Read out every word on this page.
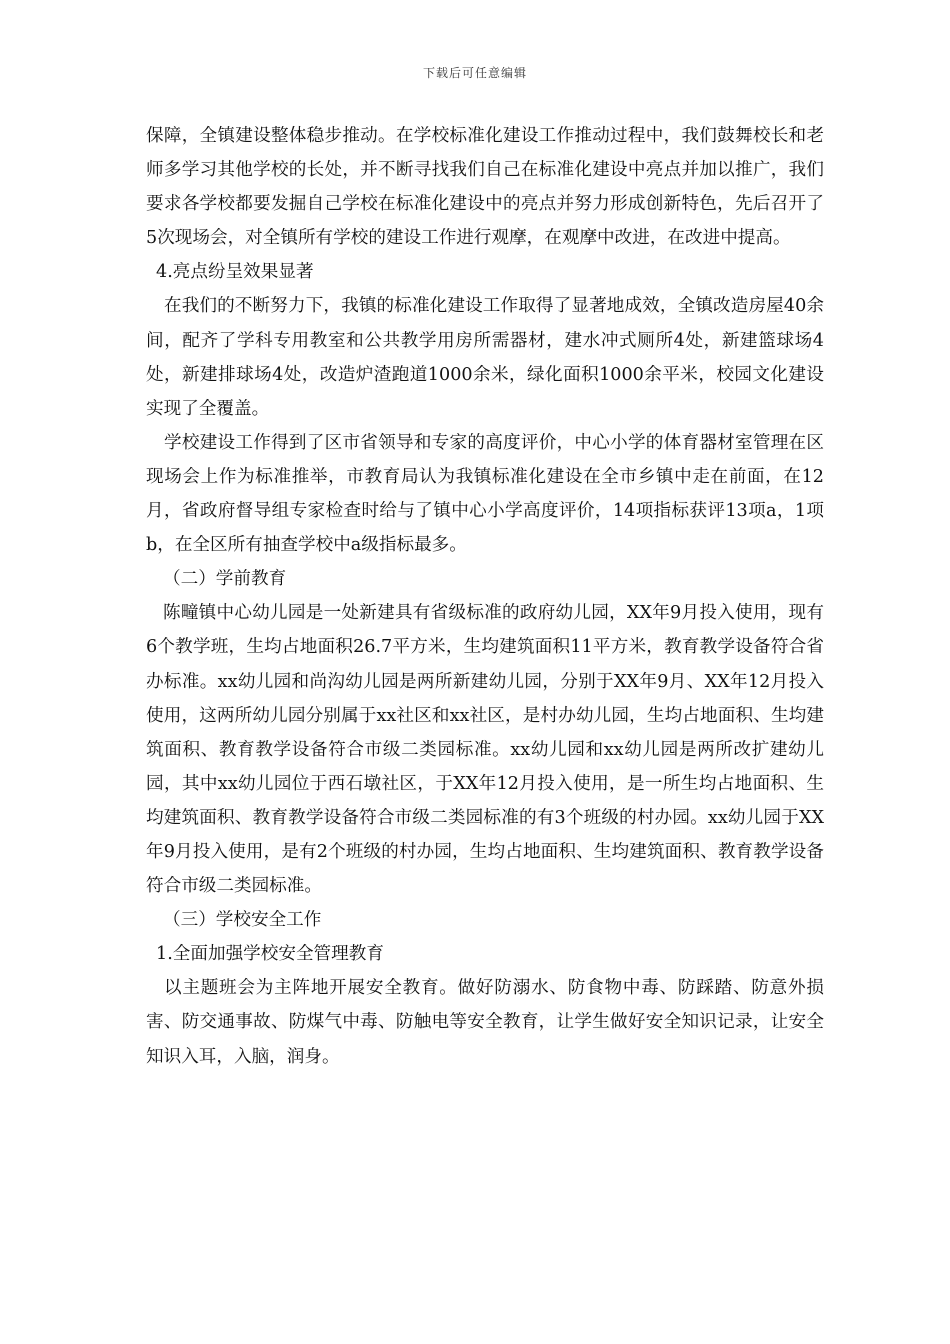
下载后可任意编辑

保障，全镇建设整体稳步推动。在学校标准化建设工作推动过程中，我们鼓舞校长和老师多学习其他学校的长处，并不断寻找我们自己在标准化建设中亮点并加以推广，我们要求各学校都要发掘自己学校在标准化建设中的亮点并努力形成创新特色，先后召开了5次现场会，对全镇所有学校的建设工作进行观摩，在观摩中改进，在改进中提高。

4.亮点纷呈效果显著

在我们的不断努力下，我镇的标准化建设工作取得了显著地成效，全镇改造房屋40余间，配齐了学科专用教室和公共教学用房所需器材，建水冲式厕所4处，新建篮球场4处，新建排球场4处，改造炉渣跑道1000余米，绿化面积1000余平米，校园文化建设实现了全覆盖。

学校建设工作得到了区市省领导和专家的高度评价，中心小学的体育器材室管理在区现场会上作为标准推举，市教育局认为我镇标准化建设在全市乡镇中走在前面，在12月，省政府督导组专家检查时给与了镇中心小学高度评价，14项指标获评13项a，1项b，在全区所有抽查学校中a级指标最多。

（二）学前教育

陈疃镇中心幼儿园是一处新建具有省级标准的政府幼儿园，XX年9月投入使用，现有6个教学班，生均占地面积26.7平方米，生均建筑面积11平方米，教育教学设备符合省办标准。xx幼儿园和尚沟幼儿园是两所新建幼儿园，分别于XX年9月、XX年12月投入使用，这两所幼儿园分别属于xx社区和xx社区，是村办幼儿园，生均占地面积、生均建筑面积、教育教学设备符合市级二类园标准。xx幼儿园和xx幼儿园是两所改扩建幼儿园，其中xx幼儿园位于西石墩社区，于XX年12月投入使用，是一所生均占地面积、生均建筑面积、教育教学设备符合市级二类园标准的有3个班级的村办园。xx幼儿园于XX年9月投入使用，是有2个班级的村办园，生均占地面积、生均建筑面积、教育教学设备符合市级二类园标准。

（三）学校安全工作

1.全面加强学校安全管理教育

以主题班会为主阵地开展安全教育。做好防溺水、防食物中毒、防踩踏、防意外损害、防交通事故、防煤气中毒、防触电等安全教育，让学生做好安全知识记录，让安全知识入耳，入脑，润身。
